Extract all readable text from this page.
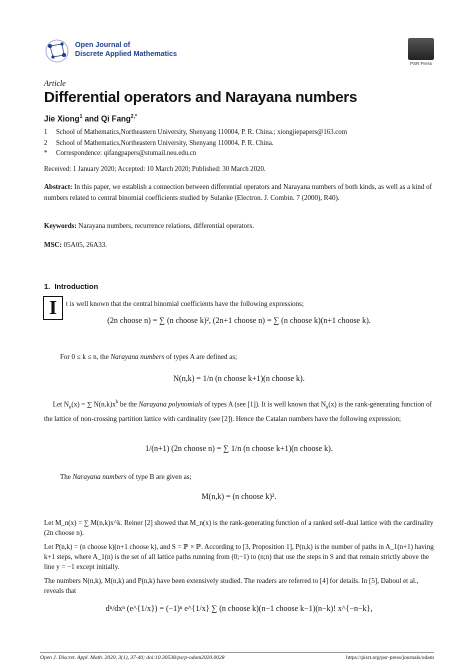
Open Journal of
Discrete Applied Mathematics
PSR Press
Article
Differential operators and Narayana numbers
Jie Xiong$^1$ and Qi Fang$^{2,*}$
1 School of Mathematics,Northeastern University, Shenyang 110004, P. R. China.; xiongjiepapers@163.com
2 School of Mathematics,Northeastern University, Shenyang 110004, P. R. China.
* Correspondence: qifangpapers@stumail.neu.edu.cn
Received: 1 January 2020; Accepted: 10 March 2020; Published: 30 March 2020.
Abstract: In this paper, we establish a connection between differential operators and Narayana numbers of both kinds, as well as a kind of numbers related to central binomial coefficients studied by Sulanke (Electron. J. Combin. 7 (2000), R40).
Keywords: Narayana numbers, recurrence relations, differential operators.
MSC: 05A05, 26A33.
1. Introduction
I	t is well known that the central binomial coefficients have the following expressions;
(2n choose n) = ∑ (n choose k)², (2n+1 choose n) = ∑ (n choose k)(n+1 choose k).
For 0 ≤ k ≤ n, the Narayana numbers of types A are defined as;
N(n,k) = 1/n (n choose k+1)(n choose k).
Let $N_n(x)$ = ∑ $N(n,k)x^k$ be the Narayana polynomials of types A (see [1]). It is well known that $N_n(x)$ is the rank-generating function of the lattice of non-crossing partition lattice with cardinality (see [2]). Hence the Catalan numbers have the following expression;
1/(n+1) (2n choose n) = ∑ 1/n (n choose k+1)(n choose k).
The Narayana numbers of type B are given as;
M(n,k) = (n choose k)².
Let M_n(x) = ∑ M(n,k)x^k. Reiner [2] showed that M_n(x) is the rank-generating function of a ranked self-dual lattice with the cardinality (2n choose n).
Let P(n,k) = (n choose k)(n+1 choose k), and S = ℙ × ℙ. According to [3, Proposition 1], P(n,k) is the number of paths in A_1(n+1) having k+1 steps, where A_1(n) is the set of all lattice paths running from (0;−1) to (n;n) that use the steps in S and that remain strictly above the line y = −1 except initially.
The numbers N(n,k), M(n,k) and P(n,k) have been extensively studied. The readers are referred to [4] for details. In [5], Daboul et al., reveals that
dⁿ/dxⁿ (e^{1/x}) = (−1)ⁿ e^{1/x} ∑ (n choose k)(n−1 choose k−1)(n−k)! x^{−n−k},
Open J. Discret. Appl. Math. 2020, 3(1), 37-40; doi:10.30538/psrp-odam2020.0028	https://pisrt.org/psr-press/journals/odam
